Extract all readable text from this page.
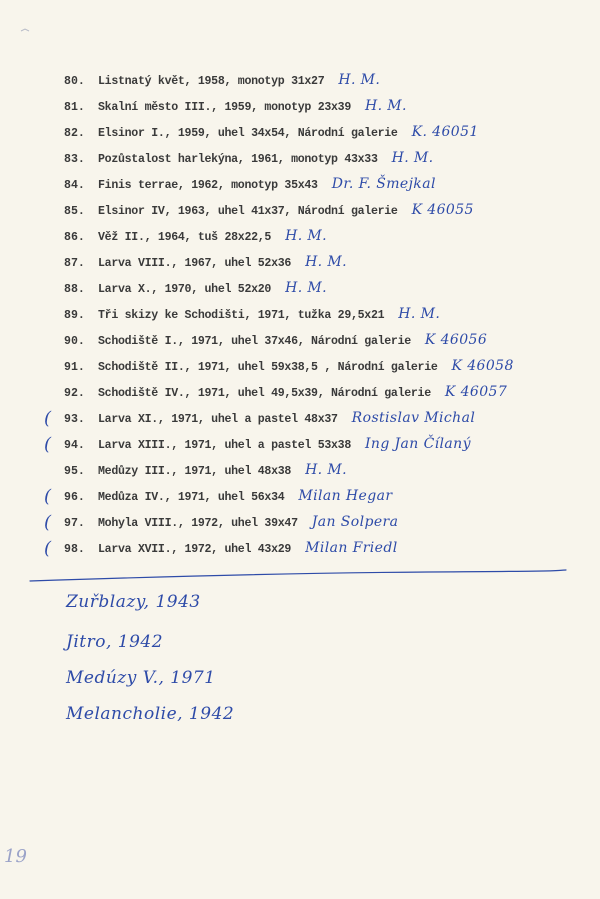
80.	Listnatý květ, 1958, monotyp 31x27 H. M.
81.	Skalní město III., 1959, monotyp 23x39 H. M.
82.	Elsinor I., 1959, uhel 34x54, Národní galerie K. 46051
83.	Pozůstalost harlekýna, 1961, monotyp 43x33 H. M.
84.	Finis terrae, 1962, monotyp 35x43 Dr. F. Šmejkal
85.	Elsinor IV, 1963, uhel 41x37, Národní galerie K 46055
86.	Věž II., 1964, tuš 28x22,5 H. M.
87.	Larva VIII., 1967, uhel 52x36 H. M.
88.	Larva X., 1970, uhel 52x20 H. M.
89.	Tři skizy ke Schodišti, 1971, tužka 29,5x21 H. M.
90.	Schodiště I., 1971, uhel 37x46, Národní galerie K 46056
91.	Schodiště II., 1971, uhel 59x38,5 , Národní galerie K 46058
92.	Schodiště IV., 1971, uhel 49,5x39, Národní galerie K 46057
( 93.	Larva XI., 1971, uhel a pastel 48x37 Rostislav Michal
( 94.	Larva XIII., 1971, uhel a pastel 53x38 Ing Jan Čílaný
95.	Medůzy III., 1971, uhel 48x38 H. M.
( 96.	Medůza IV., 1971, uhel 56x34 Milan Hegar
( 97.	Mohyla VIII., 1972, uhel 39x47 Jan Solpera
( 98.	Larva XVII., 1972, uhel 43x29 Milan Friedl
Zuřblazy, 1943
Jitro, 1942
Medúzy V., 1971
Melancholie, 1942
19
